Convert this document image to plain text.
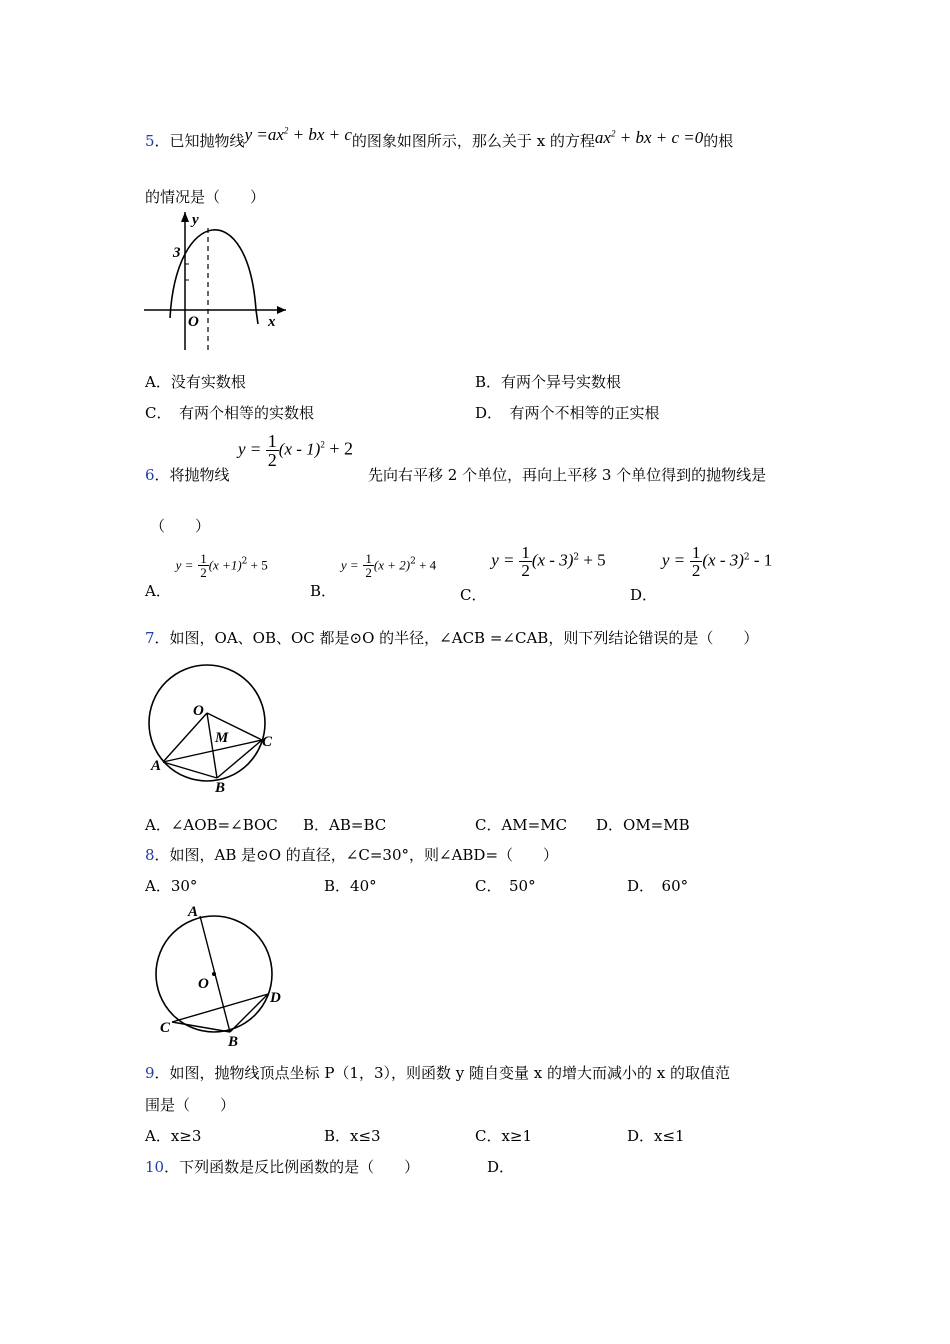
5．已知抛物线$y =ax^2$ + bx + c的图象如图所示，那么关于 x 的方程$ax^2$ + bx + c =0的根
的情况是（　　）
y
x
O
3
A．没有实数根	B．有两个异号实数根
C．　有两个相等的实数根	D．　有两个不相等的正实根
6．将抛物线
$y = \frac{1}{2} (x - 1)^2 + 2$
先向右平移 2 个单位，再向上平移 3 个单位得到的抛物线是
（　　）
A． $y = \frac{1}{2} (x +1)^2 + 5$
B． $y = \frac{1}{2} (x + 2)^2 + 4$
C． $y = \frac{1}{2} (x - 3)^2 + 5$
D． $y = \frac{1}{2} (x - 3)^2 - 1$
7．如图，OA、OB、OC 都是⊙O 的半径，∠ACB =∠CAB，则下列结论错误的是（　　）
O
M
A
B
C
A．∠AOB=∠BOC B．AB=BC	C．AM=MC D．OM=MB
8．如图，AB 是⊙O 的直径，∠C=30°，则∠ABD=（　　）
A．30°	B．40°	C．　50°	D．　60°
A
O
D
C
B
9．如图，抛物线顶点坐标 P（1，3），则函数 y 随自变量 x 的增大而减小的 x 的取值范
围是（　　）
A．x≥3	B．x≤3	C．x≥1	D．x≤1
10．下列函数是反比例函数的是（　　）	D．
